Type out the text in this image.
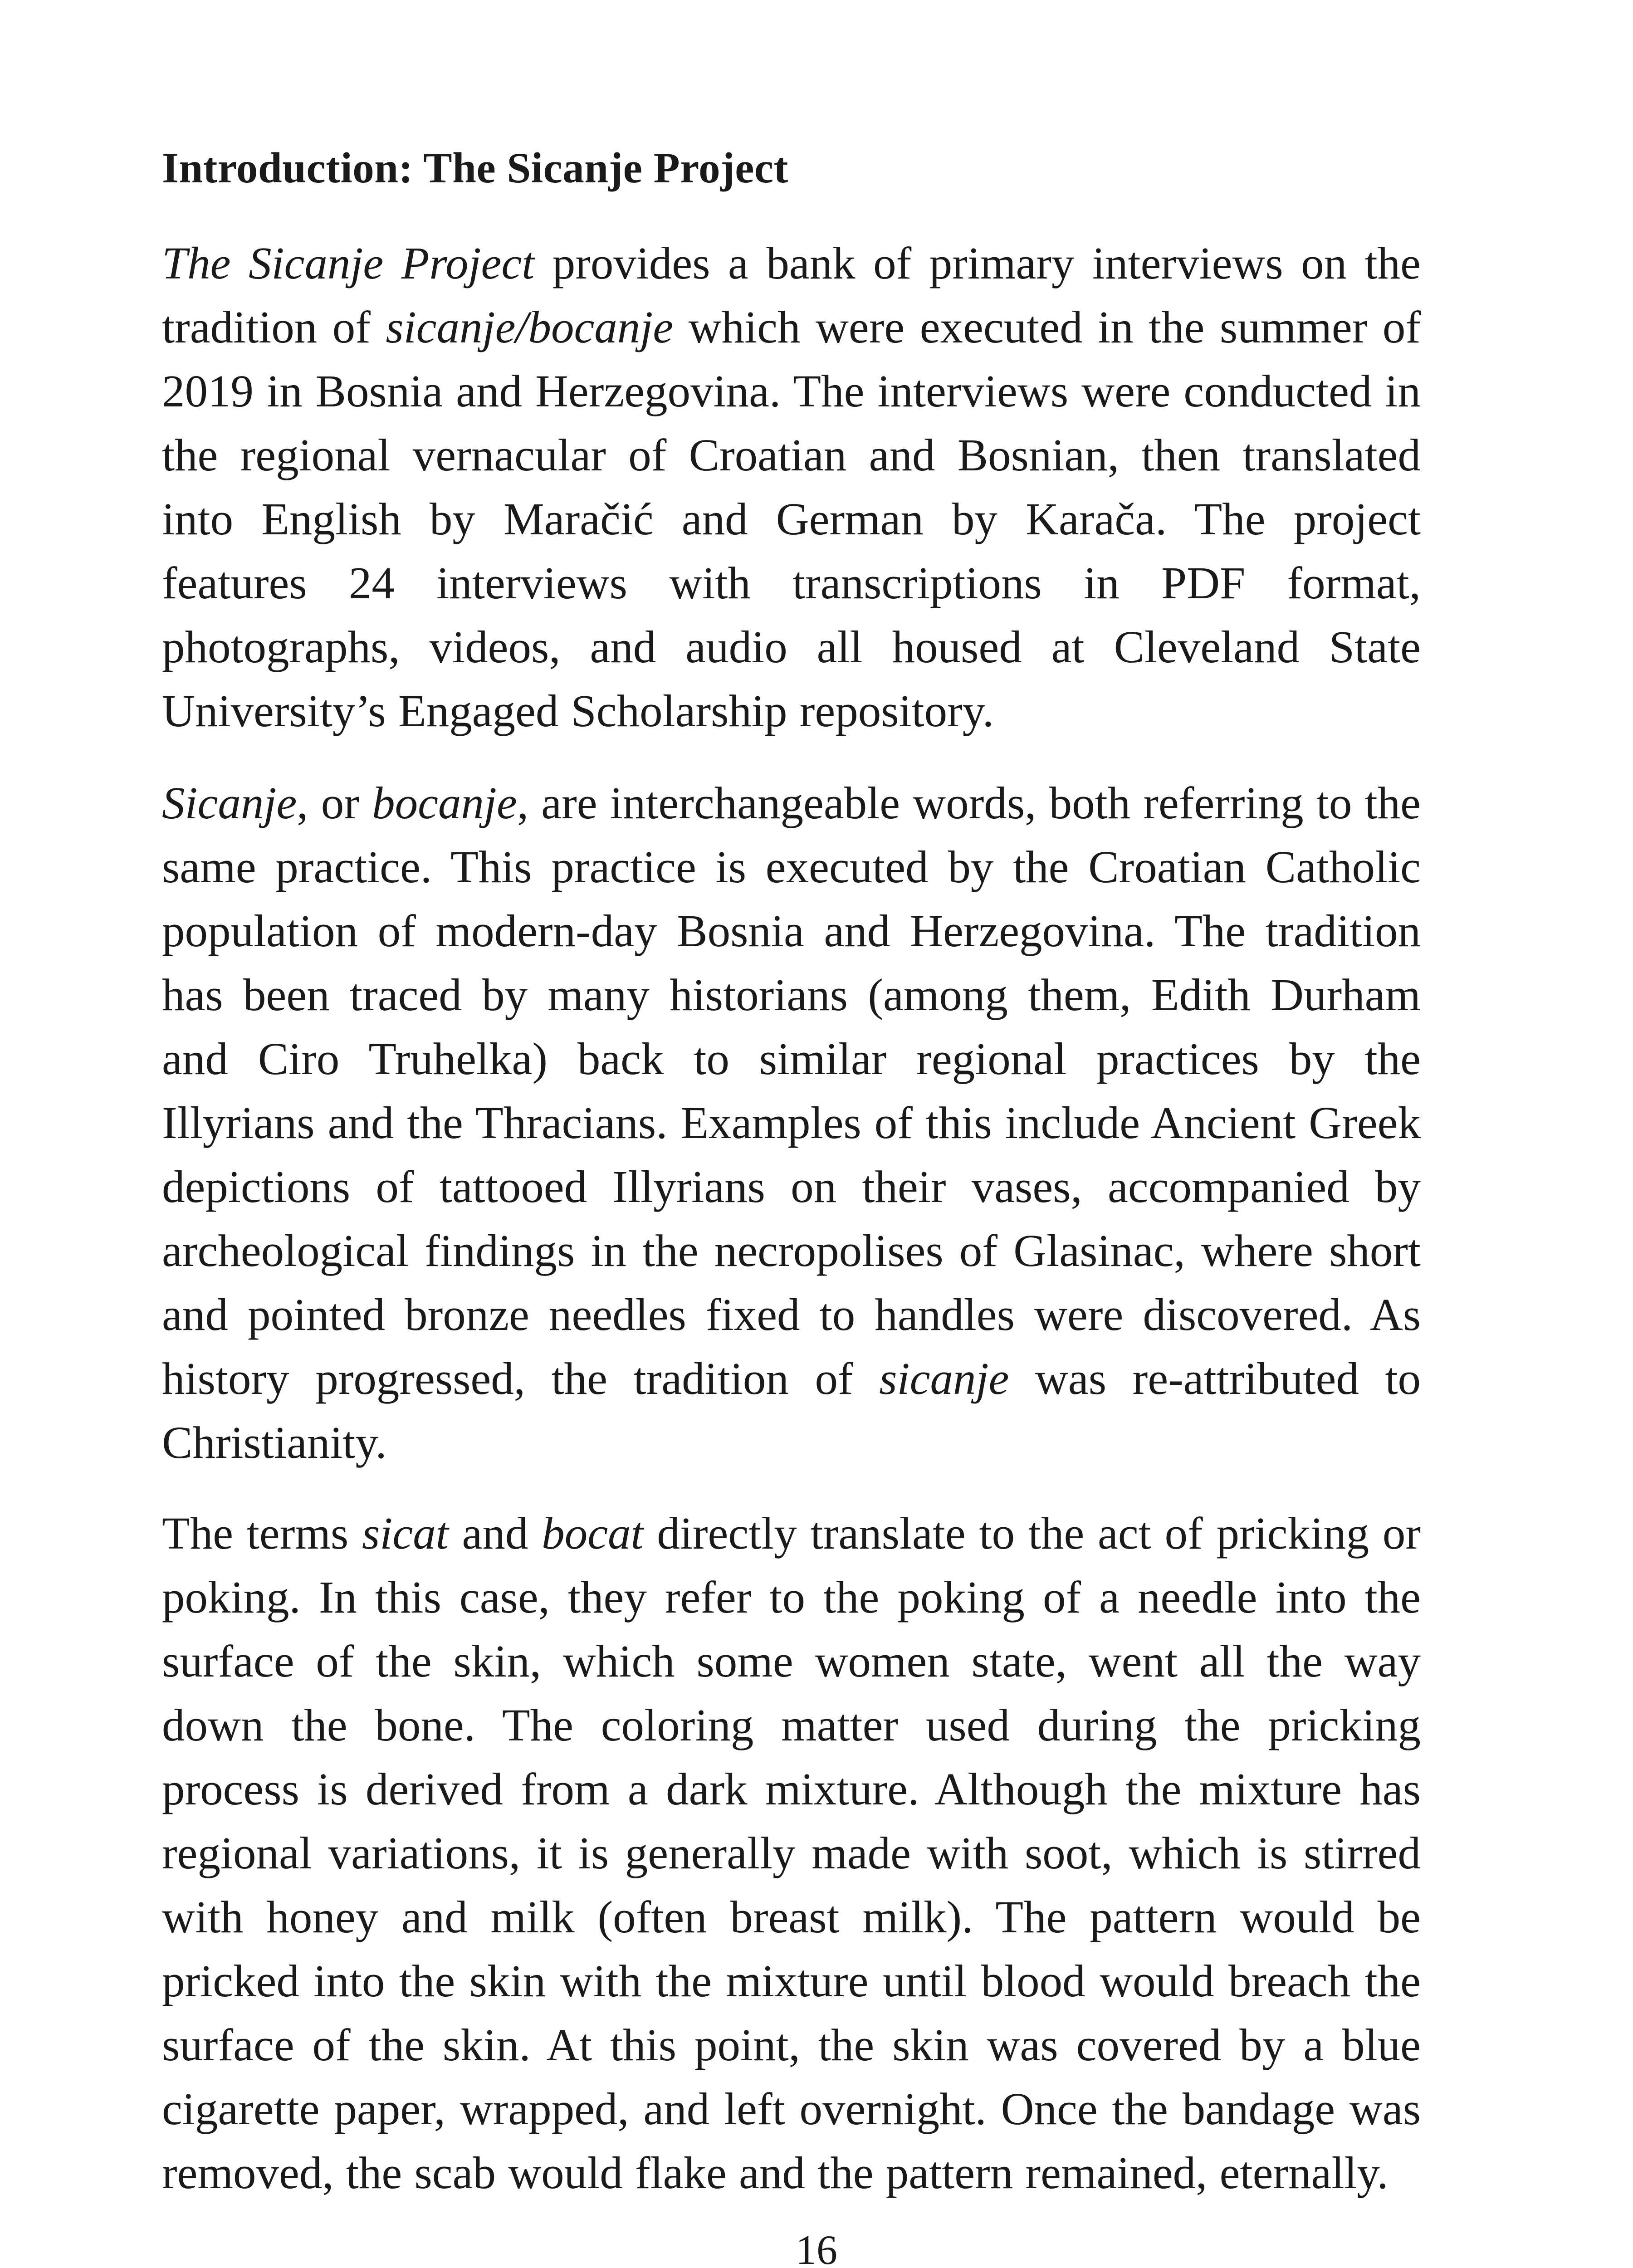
Introduction: The Sicanje Project

The Sicanje Project provides a bank of primary interviews on the tradition of sicanje/bocanje which were executed in the summer of 2019 in Bosnia and Herzegovina. The interviews were conducted in the regional vernacular of Croatian and Bosnian, then translated into English by Maračić and German by Karača. The project features 24 interviews with transcriptions in PDF format, photographs, videos, and audio all housed at Cleveland State University’s Engaged Scholarship repository.

Sicanje, or bocanje, are interchangeable words, both referring to the same practice. This practice is executed by the Croatian Catholic population of modern-day Bosnia and Herzegovina. The tradition has been traced by many historians (among them, Edith Durham and Ciro Truhelka) back to similar regional practices by the Illyrians and the Thracians. Examples of this include Ancient Greek depictions of tattooed Illyrians on their vases, accompanied by archeological findings in the necropolises of Glasinac, where short and pointed bronze needles fixed to handles were discovered. As history progressed, the tradition of sicanje was re-attributed to Christianity.

The terms sicat and bocat directly translate to the act of pricking or poking. In this case, they refer to the poking of a needle into the surface of the skin, which some women state, went all the way down the bone. The coloring matter used during the pricking process is derived from a dark mixture. Although the mixture has regional variations, it is generally made with soot, which is stirred with honey and milk (often breast milk). The pattern would be pricked into the skin with the mixture until blood would breach the surface of the skin. At this point, the skin was covered by a blue cigarette paper, wrapped, and left overnight. Once the bandage was removed, the scab would flake and the pattern remained, eternally.

16
